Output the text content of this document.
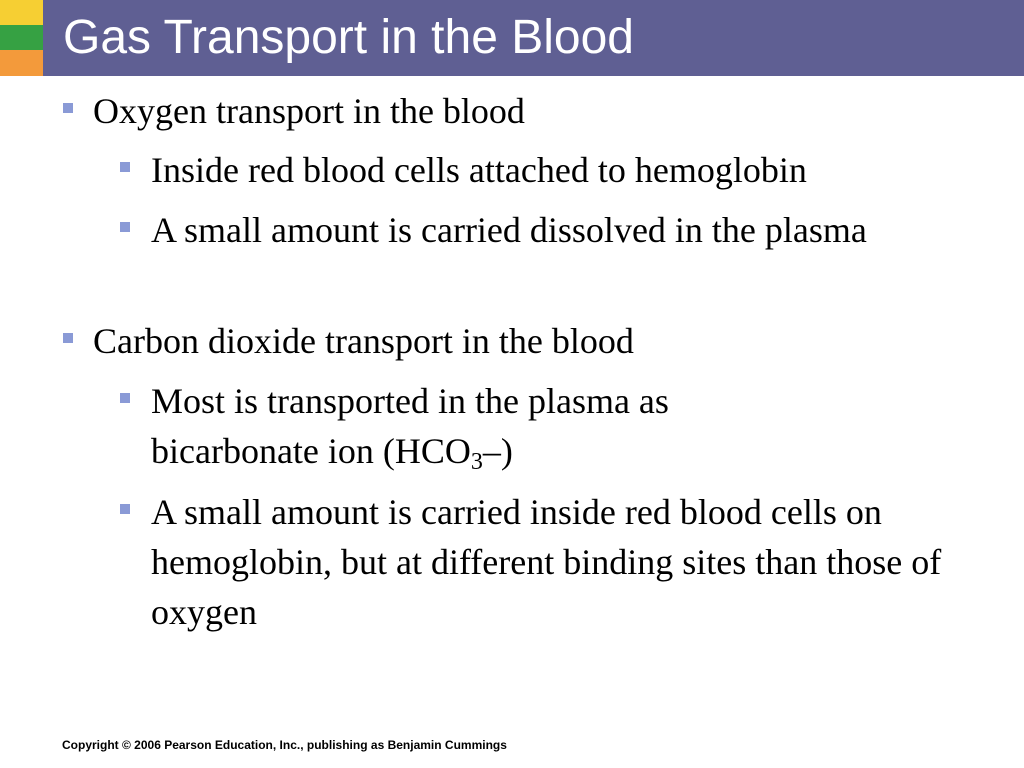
Gas Transport in the Blood
Oxygen transport in the blood
Inside red blood cells attached to hemoglobin
A small amount is carried dissolved in the plasma
Carbon dioxide transport in the blood
Most is transported in the plasma as bicarbonate ion $(HCO_3-)$
A small amount is carried inside red blood cells on hemoglobin, but at different binding sites than those of oxygen
Copyright © 2006 Pearson Education, Inc., publishing as Benjamin Cummings
